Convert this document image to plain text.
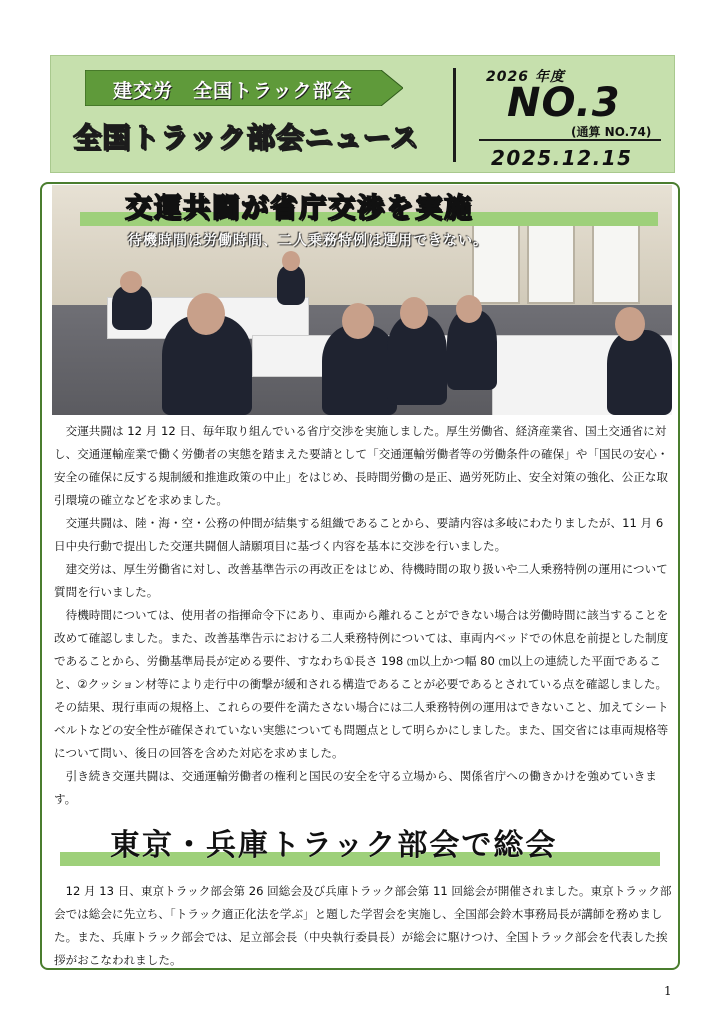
建交労　全国トラック部会
全国トラック部会ニュース
2026 年度
NO.3
(通算 NO.74)
2025.12.15
交運共闘が省庁交渉を実施
待機時間は労働時間、二人乗務特例は運用できない。

交運共闘は 12 月 12 日、毎年取り組んでいる省庁交渉を実施しました。厚生労働省、経済産業省、国土交通省に対し、交通運輸産業で働く労働者の実態を踏まえた要請として「交通運輸労働者等の労働条件の確保」や「国民の安心・安全の確保に反する規制緩和推進政策の中止」をはじめ、長時間労働の是正、過労死防止、安全対策の強化、公正な取引環境の確立などを求めました。

交運共闘は、陸・海・空・公務の仲間が結集する組織であることから、要請内容は多岐にわたりましたが、11 月 6 日中央行動で提出した交運共闘個人請願項目に基づく内容を基本に交渉を行いました。

建交労は、厚生労働省に対し、改善基準告示の再改正をはじめ、待機時間の取り扱いや二人乗務特例の運用について質問を行いました。

待機時間については、使用者の指揮命令下にあり、車両から離れることができない場合は労働時間に該当することを改めて確認しました。また、改善基準告示における二人乗務特例については、車両内ベッドでの休息を前提とした制度であることから、労働基準局長が定める要件、すなわち①長さ 198 ㎝以上かつ幅 80 ㎝以上の連続した平面であること、②クッション材等により走行中の衝撃が緩和される構造であることが必要であるとされている点を確認しました。その結果、現行車両の規格上、これらの要件を満たさない場合には二人乗務特例の運用はできないこと、加えてシートベルトなどの安全性が確保されていない実態についても問題点として明らかにしました。また、国交省には車両規格等について問い、後日の回答を含めた対応を求めました。

引き続き交運共闘は、交通運輸労働者の権利と国民の安全を守る立場から、関係省庁への働きかけを強めていきます。

東京・兵庫トラック部会で総会

12 月 13 日、東京トラック部会第 26 回総会及び兵庫トラック部会第 11 回総会が開催されました。東京トラック部会では総会に先立ち、「トラック適正化法を学ぶ」と題した学習会を実施し、全国部会鈴木事務局長が講師を務めました。また、兵庫トラック部会では、足立部会長（中央執行委員長）が総会に駆けつけ、全国トラック部会を代表した挨拶がおこなわれました。

1
